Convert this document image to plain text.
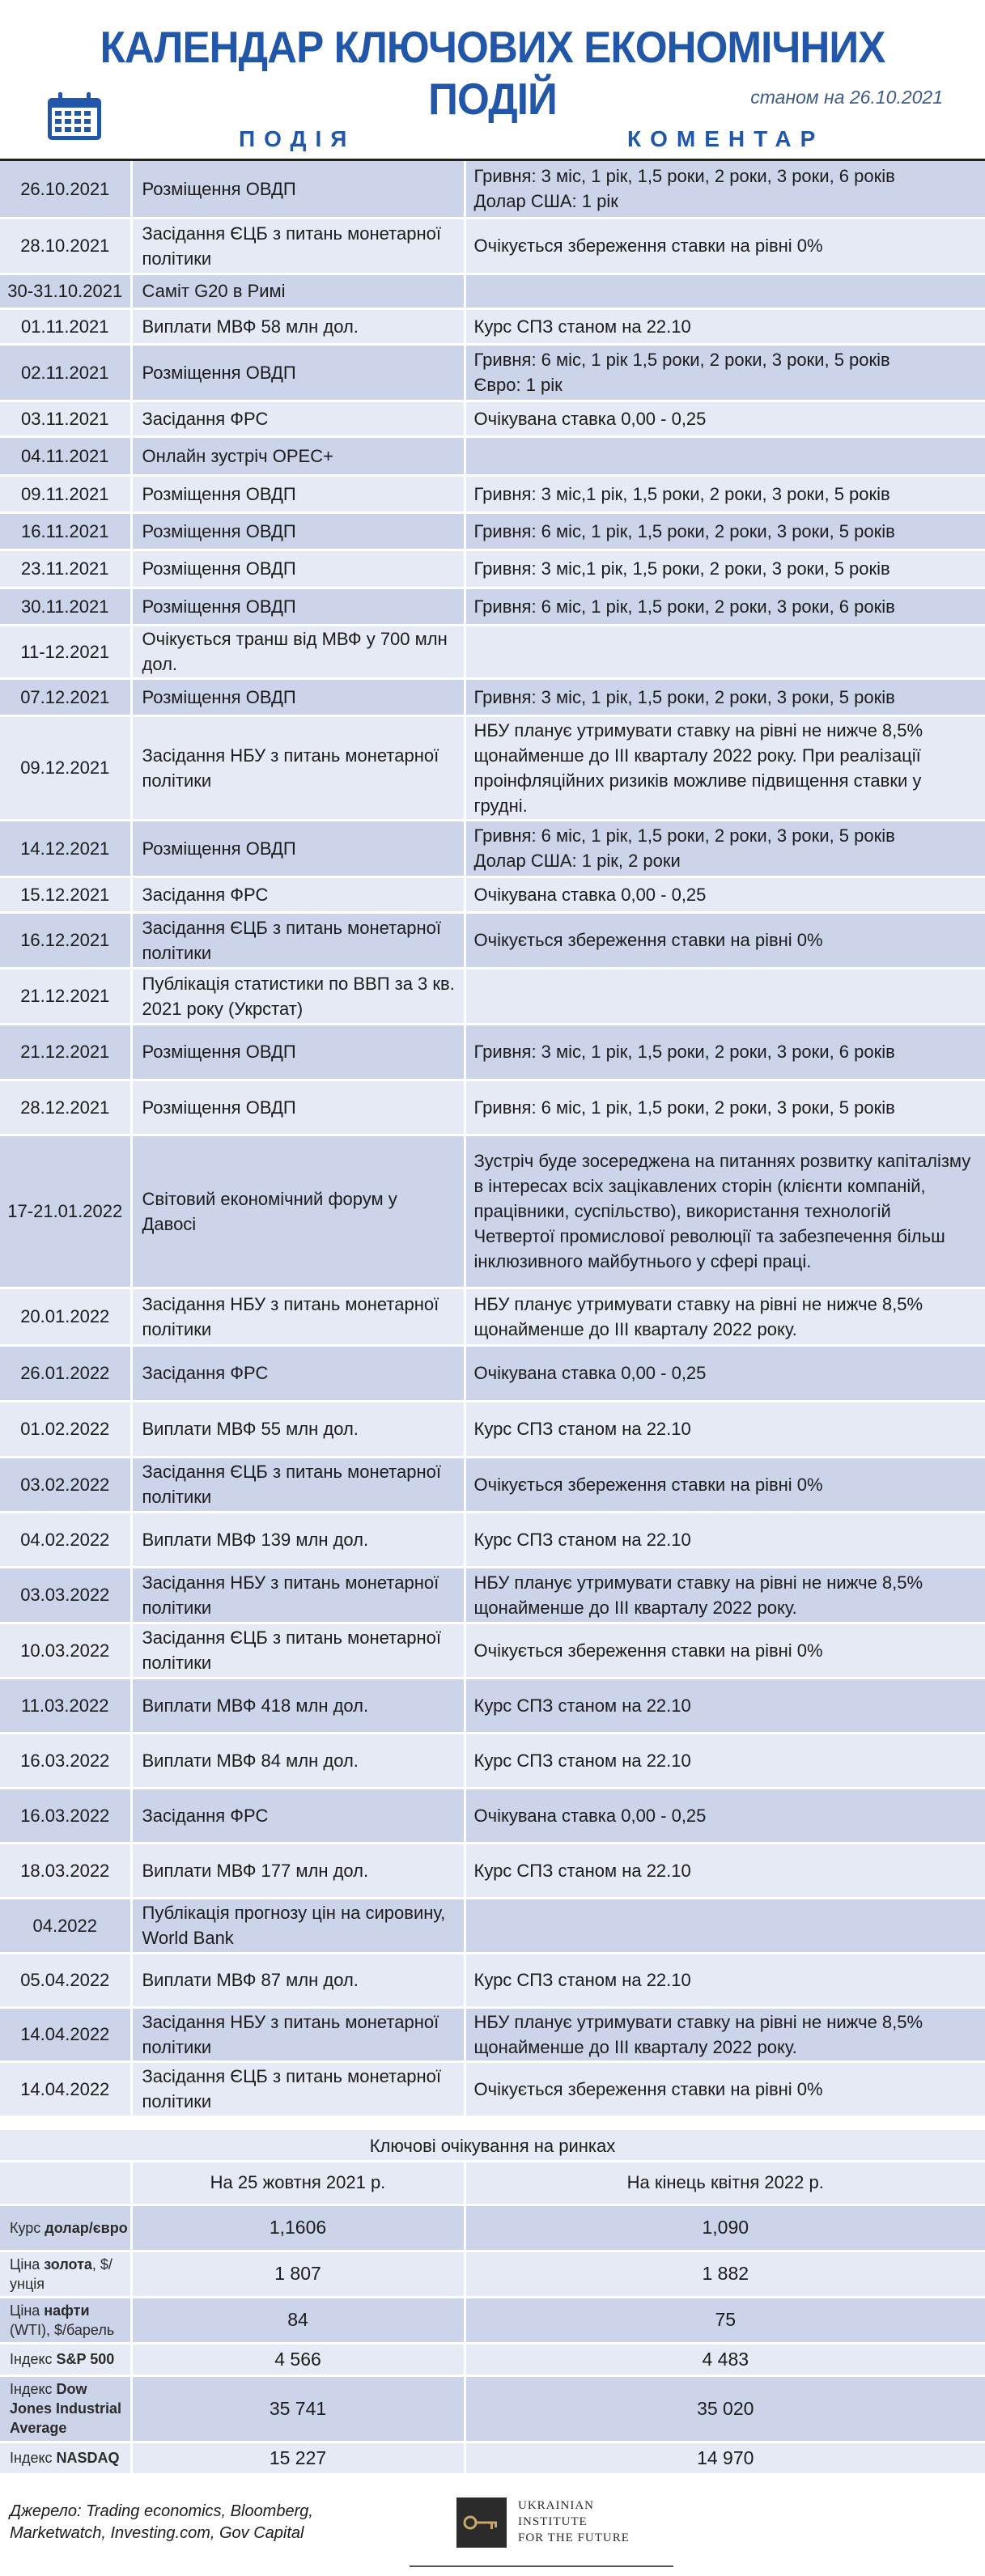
КАЛЕНДАР КЛЮЧОВИХ ЕКОНОМІЧНИХ ПОДІЙ	станом на 26.10.2021
ПОДІЯ	КОМЕНТАР
26.10.2021	Розміщення ОВДП	Гривня: 3 міс, 1 рік, 1,5 роки, 2 роки, 3 роки, 6 років
Долар США: 1 рік
28.10.2021	Засідання ЄЦБ з питань монетарної політики	Очікується збереження ставки на рівні 0%
30-31.10.2021	Саміт G20 в Римі	
01.11.2021	Виплати МВФ 58 млн дол.	Курс СПЗ станом на 22.10
02.11.2021	Розміщення ОВДП	Гривня: 6 міс, 1 рік 1,5 роки, 2 роки, 3 роки, 5 років
Євро: 1 рік
03.11.2021	Засідання ФРС	Очікувана ставка 0,00 - 0,25
04.11.2021	Онлайн зустріч OPEC+	
09.11.2021	Розміщення ОВДП	Гривня: 3 міс,1 рік, 1,5 роки, 2 роки, 3 роки, 5 років
16.11.2021	Розміщення ОВДП	Гривня: 6 міс, 1 рік, 1,5 роки, 2 роки, 3 роки, 5 років
23.11.2021	Розміщення ОВДП	Гривня: 3 міс,1 рік, 1,5 роки, 2 роки, 3 роки, 5 років
30.11.2021	Розміщення ОВДП	Гривня: 6 міс, 1 рік, 1,5 роки, 2 роки, 3 роки, 6 років
11-12.2021	Очікується транш від МВФ у 700 млн дол.	
07.12.2021	Розміщення ОВДП	Гривня: 3 міс, 1 рік, 1,5 роки, 2 роки, 3 роки, 5 років
09.12.2021	Засідання НБУ з питань монетарної політики	НБУ планує утримувати ставку на рівні не нижче 8,5% щонайменше до III кварталу 2022 року. При реалізації проінфляційних ризиків можливе підвищення ставки у грудні.
14.12.2021	Розміщення ОВДП	Гривня: 6 міс, 1 рік, 1,5 роки, 2 роки, 3 роки, 5 років
Долар США: 1 рік, 2 роки
15.12.2021	Засідання ФРС	Очікувана ставка 0,00 - 0,25
16.12.2021	Засідання ЄЦБ з питань монетарної політики	Очікується збереження ставки на рівні 0%
21.12.2021	Публікація статистики по ВВП за 3 кв. 2021 року (Укрстат)	
21.12.2021	Розміщення ОВДП	Гривня: 3 міс, 1 рік, 1,5 роки, 2 роки, 3 роки, 6 років
28.12.2021	Розміщення ОВДП	Гривня: 6 міс, 1 рік, 1,5 роки, 2 роки, 3 роки, 5 років
17-21.01.2022	Світовий економічний форум у Давосі	Зустріч буде зосереджена на питаннях розвитку капіталізму в інтересах всіх зацікавлених сторін (клієнти компаній, працівники, суспільство), використання технологій Четвертої промислової революції та забезпечення більш інклюзивного майбутнього у сфері праці.
20.01.2022	Засідання НБУ з питань монетарної політики	НБУ планує утримувати ставку на рівні не нижче 8,5% щонайменше до III кварталу 2022 року.
26.01.2022	Засідання ФРС	Очікувана ставка 0,00 - 0,25
01.02.2022	Виплати МВФ 55 млн дол.	Курс СПЗ станом на 22.10
03.02.2022	Засідання ЄЦБ з питань монетарної політики	Очікується збереження ставки на рівні 0%
04.02.2022	Виплати МВФ 139 млн дол.	Курс СПЗ станом на 22.10
03.03.2022	Засідання НБУ з питань монетарної політики	НБУ планує утримувати ставку на рівні не нижче 8,5% щонайменше до III кварталу 2022 року.
10.03.2022	Засідання ЄЦБ з питань монетарної політики	Очікується збереження ставки на рівні 0%
11.03.2022	Виплати МВФ 418 млн дол.	Курс СПЗ станом на 22.10
16.03.2022	Виплати МВФ 84 млн дол.	Курс СПЗ станом на 22.10
16.03.2022	Засідання ФРС	Очікувана ставка 0,00 - 0,25
18.03.2022	Виплати МВФ 177 млн дол.	Курс СПЗ станом на 22.10
04.2022	Публікація прогнозу цін на сировину, World Bank	
05.04.2022	Виплати МВФ 87 млн дол.	Курс СПЗ станом на 22.10
14.04.2022	Засідання НБУ з питань монетарної політики	НБУ планує утримувати ставку на рівні не нижче 8,5% щонайменше до III кварталу 2022 року.
14.04.2022	Засідання ЄЦБ з питань монетарної політики	Очікується збереження ставки на рівні 0%
Ключові очікування на ринках
	На 25 жовтня 2021 р.	На кінець квітня 2022 р.
Курс долар/євро	1,1606	1,090
Ціна золота, $/унція	1 807	1 882
Ціна нафти (WTI), $/барель	84	75
Індекс S&P 500	4 566	4 483
Індекс Dow Jones Industrial Average	35 741	35 020
Індекс NASDAQ	15 227	14 970
Джерело: Trading economics, Bloomberg, Marketwatch, Investing.com, Gov Capital
UKRAINIAN
INSTITUTE
FOR THE FUTURE
